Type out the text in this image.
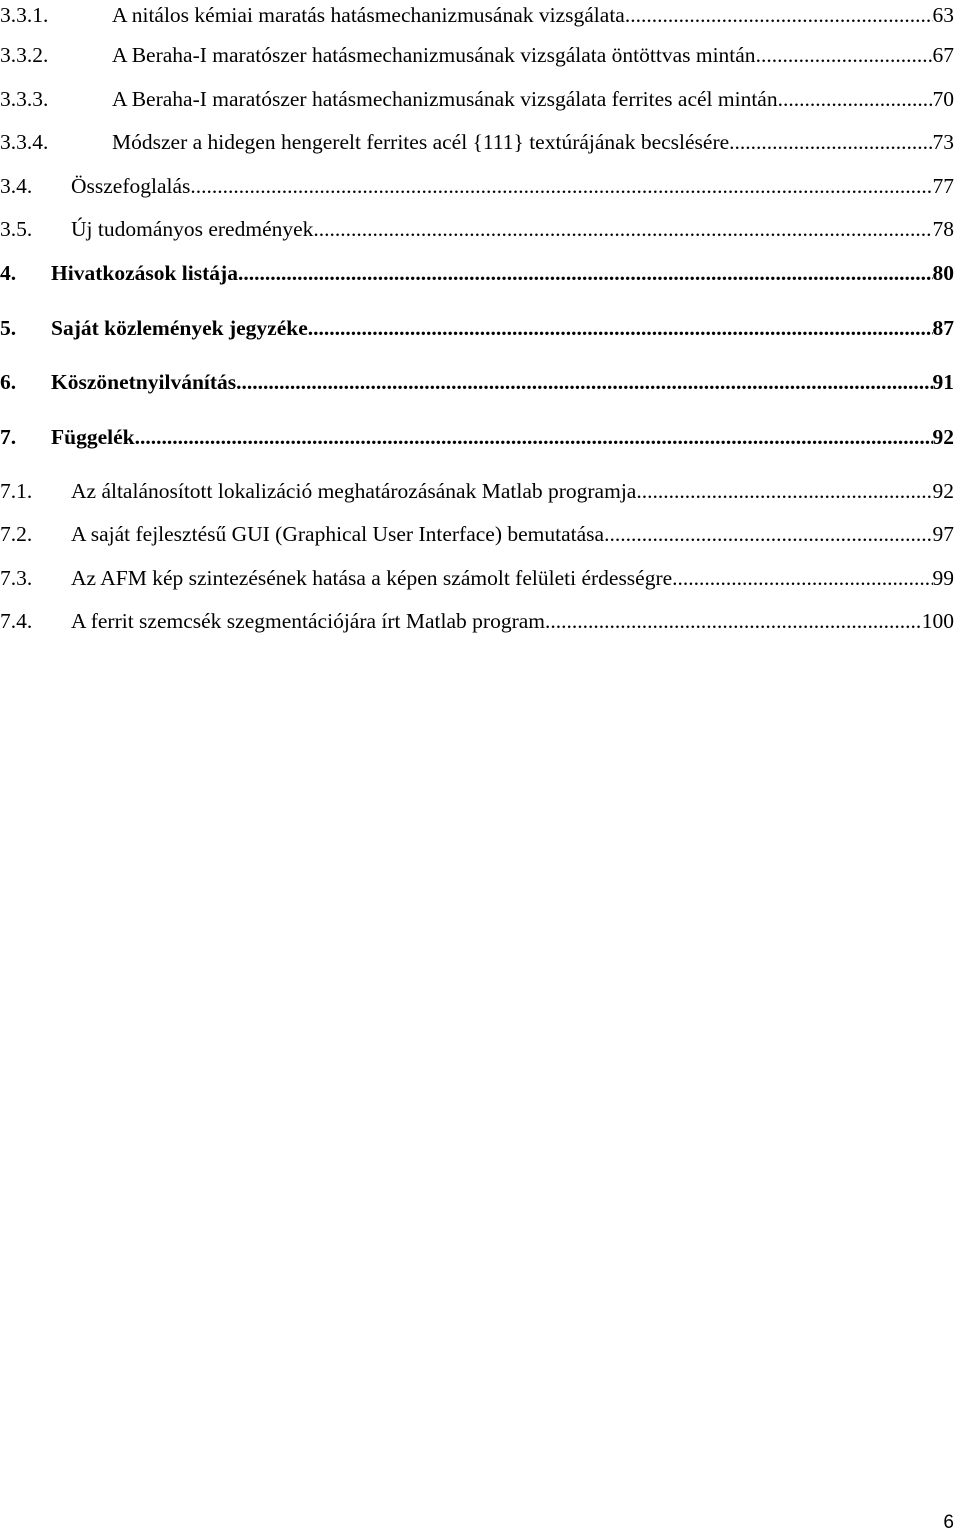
3.3.1.	A nitálos kémiai maratás hatásmechanizmusának vizsgálata .....	63
3.3.2.	A Beraha-I maratószer hatásmechanizmusának vizsgálata öntöttvas mintán .....	67
3.3.3.	A Beraha-I maratószer hatásmechanizmusának vizsgálata ferrites acél mintán .....	70
3.3.4.	Módszer a hidegen hengerelt ferrites acél {111} textúrájának becslésére .....	73
3.4.	Összefoglalás .....	77
3.5.	Új tudományos eredmények .....	78
4.	Hivatkozások listája .....	80
5.	Saját közlemények jegyzéke .....	87
6.	Köszönetnyilvánítás .....	91
7.	Függelék .....	92
7.1.	Az általánosított lokalizáció meghatározásának Matlab programja .....	92
7.2.	A saját fejlesztésű GUI (Graphical User Interface) bemutatása .....	97
7.3.	Az AFM kép szintezésének hatása a képen számolt felületi érdességre .....	99
7.4.	A ferrit szemcsék szegmentációjára írt Matlab program .....	100
6
